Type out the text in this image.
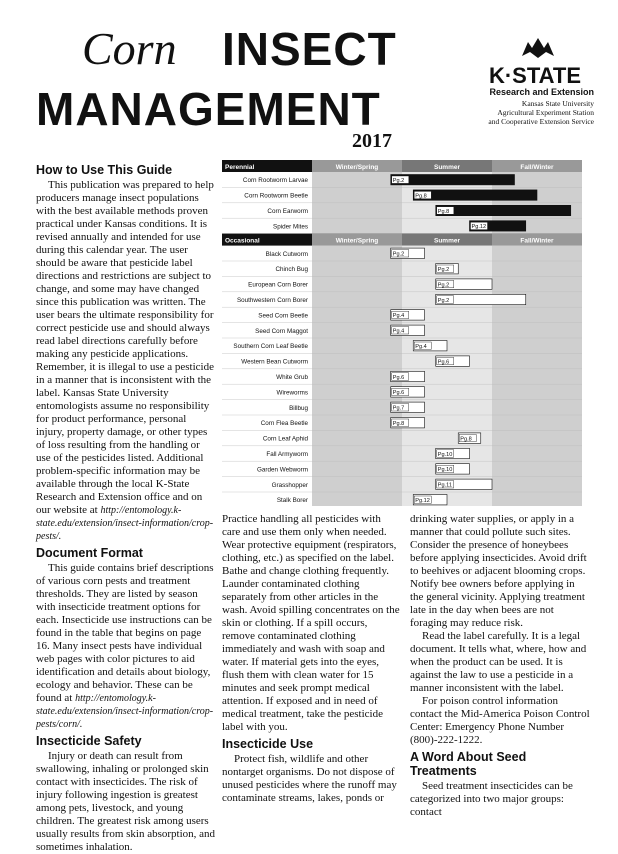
Corn INSECT
MANAGEMENT
2017
K·STATE
Research and Extension
Kansas State University
Agricultural Experiment Station
and Cooperative Extension Service
How to Use This Guide

This publication was prepared to help producers manage insect populations with the best available methods proven practical under Kansas conditions. It is revised annually and intended for use during this calendar year. The user should be aware that pesticide label directions and restrictions are subject to change, and some may have changed since this publication was written. The user bears the ultimate responsibility for correct pesticide use and should always read label directions carefully before making any pesticide applications. Remember, it is illegal to use a pesticide in a manner that is inconsistent with the label. Kansas State University entomologists assume no responsibility for product performance, personal injury, property damage, or other types of loss resulting from the handling or use of the pesticides listed. Additional problem-specific information may be available through the local K-State Research and Extension office and on our website at http://entomology.k-state.edu/extension/insect-information/crop-pests/.

Document Format

This guide contains brief descriptions of various corn pests and treatment thresholds. They are listed by season with insecticide treatment options for each. Insecticide use instructions can be found in the table that begins on page 16. Many insect pests have individual web pages with color pictures to aid identification and details about biology, ecology and behavior. These can be found at http://entomology.k-state.edu/extension/insect-information/crop-pests/corn/.

Insecticide Safety

Injury or death can result from swallowing, inhaling or prolonged skin contact with insecticides. The risk of injury following ingestion is greatest among pets, livestock, and young children. The greatest risk among users usually results from skin absorption, and sometimes inhalation.

Perennial	Winter/Spring	Summer	Fall/Winter
Corn Rootworm Larvae	Pg.2
Corn Rootworm Beetle	Pg.8
Corn Earworm	Pg.8
Spider Mites	Pg.12
Occasional	Winter/Spring	Summer	Fall/Winter
Black Cutworm	Pg.2
Chinch Bug	Pg.2
European Corn Borer	Pg.2
Southwestern Corn Borer	Pg.2
Seed Corn Beetle	Pg.4
Seed Corn Maggot	Pg.4
Southern Corn Leaf Beetle	Pg.4
Western Bean Cutworm	Pg.6
White Grub	Pg.6
Wireworms	Pg.6
Billbug	Pg.7
Corn Flea Beetle	Pg.8
Corn Leaf Aphid	Pg.8
Fall Armyworm	Pg.10
Garden Webworm	Pg.10
Grasshopper	Pg.11
Stalk Borer	Pg.12

Practice handling all pesticides with care and use them only when needed. Wear protective equipment (respirators, clothing, etc.) as specified on the label. Bathe and change clothing frequently. Launder contaminated clothing separately from other articles in the wash. Avoid spilling concentrates on the skin or clothing. If a spill occurs, remove contaminated clothing immediately and wash with soap and water. If material gets into the eyes, flush them with clean water for 15 minutes and seek prompt medical attention. If exposed and in need of medical treatment, take the pesticide label with you.

Insecticide Use

Protect fish, wildlife and other nontarget organisms. Do not dispose of unused pesticides where the runoff may contaminate streams, lakes, ponds or

drinking water supplies, or apply in a manner that could pollute such sites. Consider the presence of honeybees before applying insecticides. Avoid drift to beehives or adjacent blooming crops. Notify bee owners before applying in the general vicinity. Applying treatment late in the day when bees are not foraging may reduce risk.

Read the label carefully. It is a legal document. It tells what, where, how and when the product can be used. It is against the law to use a pesticide in a manner inconsistent with the label.

For poison control information contact the Mid-America Poison Control Center: Emergency Phone Number (800)-222-1222.

A Word About Seed Treatments

Seed treatment insecticides can be categorized into two major groups: contact
